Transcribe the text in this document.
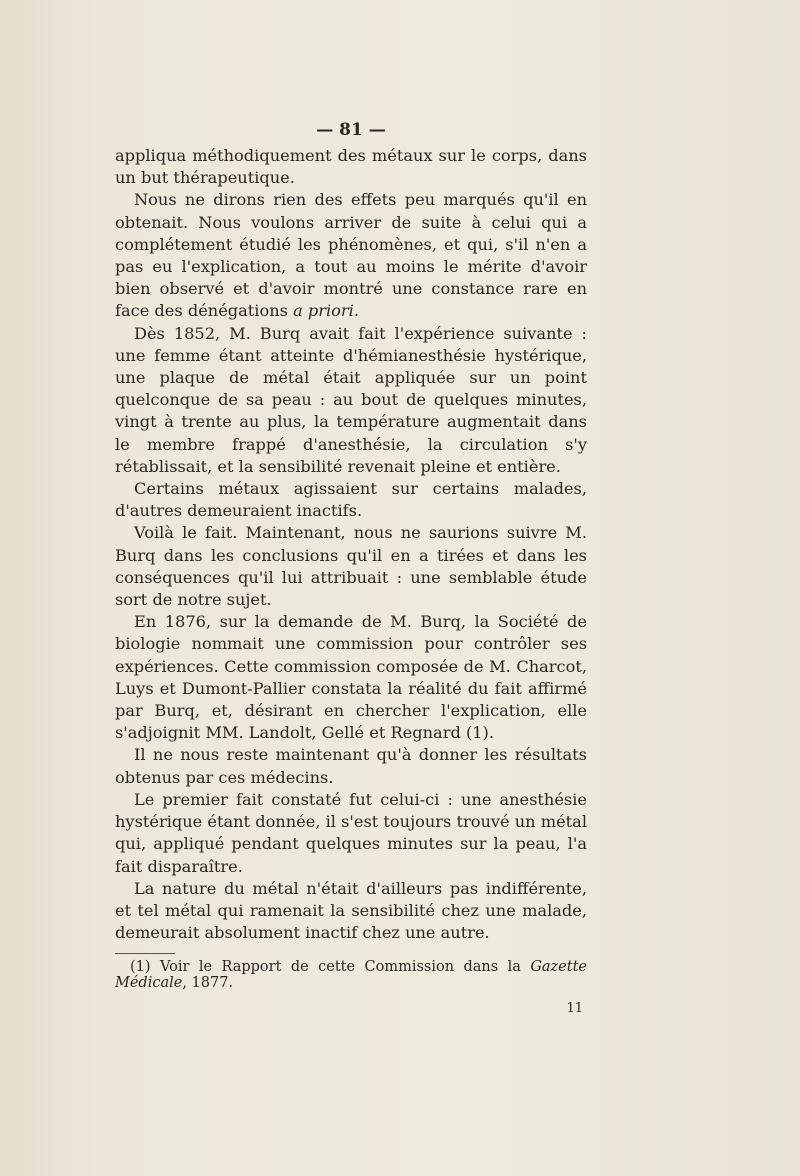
— 81 —

appliqua méthodiquement des métaux sur le corps, dans un but thérapeutique.

Nous ne dirons rien des effets peu marqués qu'il en obtenait. Nous voulons arriver de suite à celui qui a complétement étudié les phénomènes, et qui, s'il n'en a pas eu l'explication, a tout au moins le mérite d'avoir bien observé et d'avoir montré une constance rare en face des dénégations a priori.

Dès 1852, M. Burq avait fait l'expérience suivante : une femme étant atteinte d'hémianesthésie hystérique, une plaque de métal était appliquée sur un point quelconque de sa peau : au bout de quelques minutes, vingt à trente au plus, la température augmentait dans le membre frappé d'anesthésie, la circulation s'y rétablissait, et la sensibilité revenait pleine et entière.

Certains métaux agissaient sur certains malades, d'autres demeuraient inactifs.

Voilà le fait. Maintenant, nous ne saurions suivre M. Burq dans les conclusions qu'il en a tirées et dans les conséquences qu'il lui attribuait : une semblable étude sort de notre sujet.

En 1876, sur la demande de M. Burq, la Société de biologie nommait une commission pour contrôler ses expériences. Cette commission composée de M. Charcot, Luys et Dumont-Pallier constata la réalité du fait affirmé par Burq, et, désirant en chercher l'explication, elle s'adjoignit MM. Landolt, Gellé et Regnard (1).

Il ne nous reste maintenant qu'à donner les résultats obtenus par ces médecins.

Le premier fait constaté fut celui-ci : une anesthésie hystérique étant donnée, il s'est toujours trouvé un métal qui, appliqué pendant quelques minutes sur la peau, l'a fait disparaître.

La nature du métal n'était d'ailleurs pas indifférente, et tel métal qui ramenait la sensibilité chez une malade, demeurait absolument inactif chez une autre.

(1) Voir le Rapport de cette Commission dans la Gazette Médicale, 1877.

11
